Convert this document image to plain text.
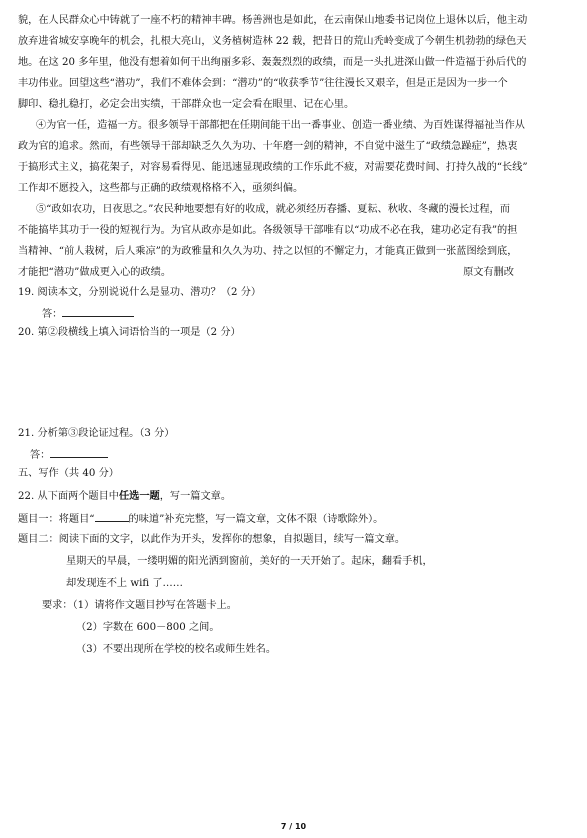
貌，在人民群众心中铸就了一座不朽的精神丰碑。杨善洲也是如此，在云南保山地委书记岗位上退休以后，他主动
放弃进省城安享晚年的机会，扎根大亮山，义务植树造林 22 载，把昔日的荒山秃岭变成了今朝生机勃勃的绿色天
地。在这 20 多年里，他没有想着如何干出绚丽多彩、轰轰烈烈的政绩，而是一头扎进深山做一件造福于孙后代的
丰功伟业。回望这些“潜功”，我们不难体会到：“潜功”的“收获季节”往往漫长又艰辛，但是正是因为一步一个
脚印、稳扎稳打，必定会出实绩，干部群众也一定会看在眼里、记在心里。
④为官一任，造福一方。很多领导干部都把在任期间能干出一番事业、创造一番业绩、为百姓谋得福祉当作从
政为官的追求。然而，有些领导干部却缺乏久久为功、十年磨一剑的精神，不自觉中滋生了“政绩急躁症”，热衷
于搞形式主义，搞花架子，对容易看得见、能迅速显现政绩的工作乐此不疲，对需要花费时间、打持久战的“长线”
工作却不愿投入，这些都与正确的政绩观格格不入，亟须纠偏。
⑤“政如农功，日夜思之。”农民种地要想有好的收成，就必须经历春播、夏耘、秋收、冬藏的漫长过程，而
不能搞毕其功于一役的短视行为。为官从政亦是如此。各级领导干部唯有以“功成不必在我，建功必定有我”的担
当精神、“前人栽树，后人乘凉”的为政雅量和久久为功、持之以恒的不懈定力，才能真正做到一张蓝图绘到底，
才能把“潜功”做成更入心的政绩。	原文有删改
19. 阅读本文，分别说说什么是显功、潜功？（2 分）
答：
20. 第②段横线上填入词语恰当的一项是（2 分）
21. 分析第③段论证过程。（3 分）
答：
五、写作（共 40 分）
22. 从下面两个题目中任选一题，写一篇文章。
题目一：将题目“	的味道”补充完整，写一篇文章，文体不限（诗歌除外）。
题目二：阅读下面的文字，以此作为开头，发挥你的想象，自拟题目，续写一篇文章。
星期天的早晨，一缕明媚的阳光洒到窗前，美好的一天开始了。起床，翻看手机，
却发现连不上 wifi 了……
要求：（1）请将作文题目抄写在答题卡上。
（2）字数在 600－800 之间。
（3）不要出现所在学校的校名或师生姓名。
7 / 10
